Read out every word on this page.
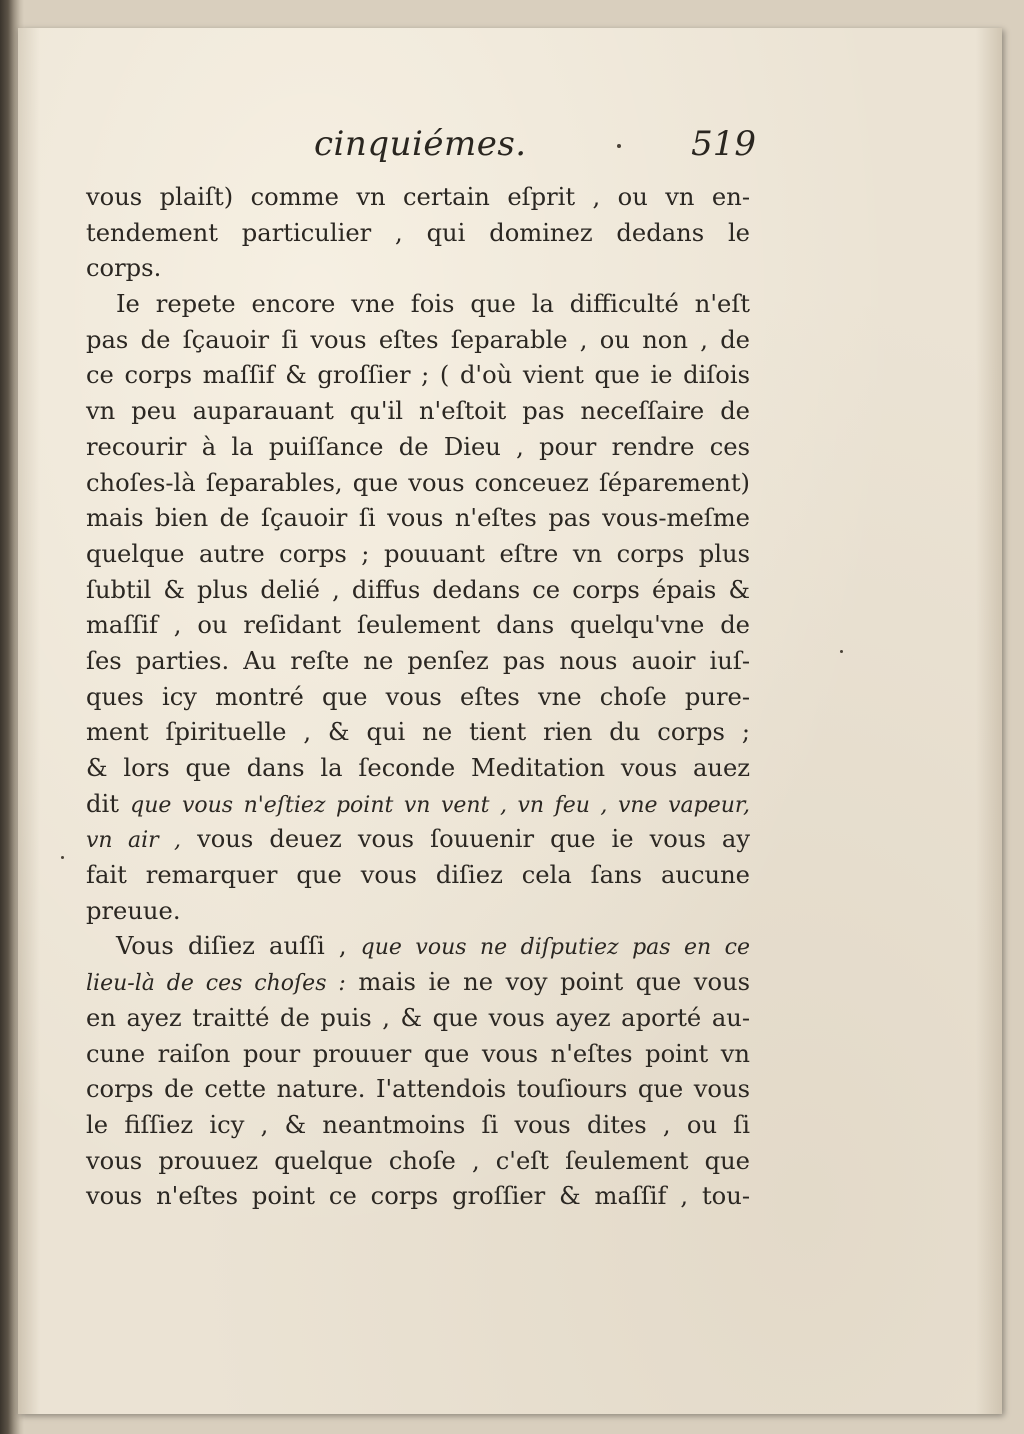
cinquiémes.	519
vous plaiſt) comme vn certain eſprit , ou vn en-
tendement particulier , qui dominez dedans le
corps.
Ie repete encore vne fois que la difficulté n'eſt
pas de ſçauoir ſi vous eſtes ſeparable , ou non , de
ce corps maſſif & groſſier ; ( d'où vient que ie diſois
vn peu auparauant qu'il n'eſtoit pas neceſſaire de
recourir à la puiſſance de Dieu , pour rendre ces
choſes-là ſeparables, que vous conceuez ſéparement)
mais bien de ſçauoir ſi vous n'eſtes pas vous-meſme
quelque autre corps ; pouuant eſtre vn corps plus
ſubtil & plus delié , diffus dedans ce corps épais &
maſſif , ou reſidant ſeulement dans quelqu'vne de
ſes parties. Au reſte ne penſez pas nous auoir iuſ-
ques icy montré que vous eſtes vne choſe pure-
ment ſpirituelle , & qui ne tient rien du corps ;
& lors que dans la ſeconde Meditation vous auez
dit que vous n'eſtiez point vn vent , vn feu , vne vapeur,
vn air , vous deuez vous ſouuenir que ie vous ay
fait remarquer que vous diſiez cela ſans aucune
preuue.
Vous diſiez auſſi , que vous ne diſputiez pas en ce
lieu-là de ces choſes : mais ie ne voy point que vous
en ayez traitté de puis , & que vous ayez aporté au-
cune raiſon pour prouuer que vous n'eſtes point vn
corps de cette nature. I'attendois touſiours que vous
le fiſſiez icy , & neantmoins ſi vous dites , ou ſi
vous prouuez quelque choſe , c'eſt ſeulement que
vous n'eſtes point ce corps groſſier & maſſif , tou-
